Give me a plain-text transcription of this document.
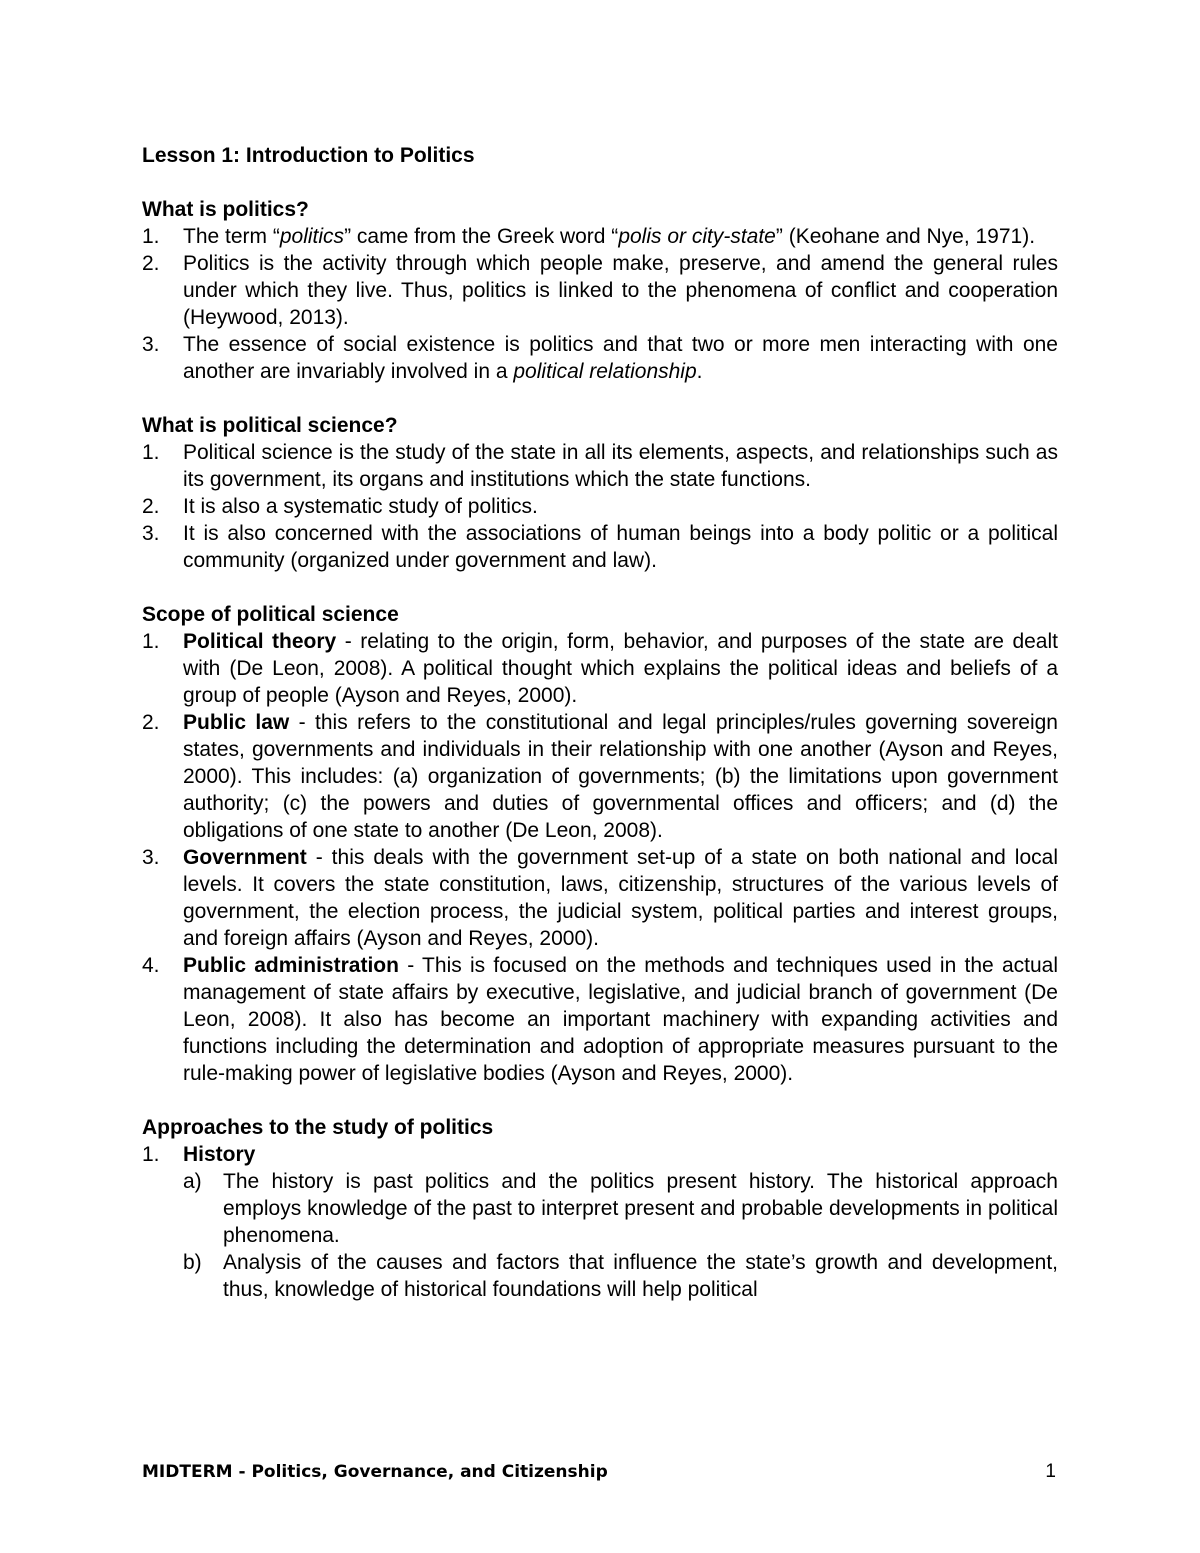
Lesson 1: Introduction to Politics
What is politics?
1.	The term “politics” came from the Greek word “polis or city-state” (Keohane and Nye, 1971).
2.	Politics is the activity through which people make, preserve, and amend the general rules under which they live. Thus, politics is linked to the phenomena of conflict and cooperation (Heywood, 2013).
3.	The essence of social existence is politics and that two or more men interacting with one another are invariably involved in a political relationship.
What is political science?
1.	Political science is the study of the state in all its elements, aspects, and relationships such as its government, its organs and institutions which the state functions.
2.	It is also a systematic study of politics.
3.	It is also concerned with the associations of human beings into a body politic or a political community (organized under government and law).
Scope of political science
1.	Political theory - relating to the origin, form, behavior, and purposes of the state are dealt with (De Leon, 2008). A political thought which explains the political ideas and beliefs of a group of people (Ayson and Reyes, 2000).
2.	Public law - this refers to the constitutional and legal principles/rules governing sovereign states, governments and individuals in their relationship with one another (Ayson and Reyes, 2000). This includes: (a) organization of governments; (b) the limitations upon government authority; (c) the powers and duties of governmental offices and officers; and (d) the obligations of one state to another (De Leon, 2008).
3.	Government - this deals with the government set-up of a state on both national and local levels. It covers the state constitution, laws, citizenship, structures of the various levels of government, the election process, the judicial system, political parties and interest groups, and foreign affairs (Ayson and Reyes, 2000).
4.	Public administration - This is focused on the methods and techniques used in the actual management of state affairs by executive, legislative, and judicial branch of government (De Leon, 2008). It also has become an important machinery with expanding activities and functions including the determination and adoption of appropriate measures pursuant to the rule-making power of legislative bodies (Ayson and Reyes, 2000).
Approaches to the study of politics
1.	History
a)	The history is past politics and the politics present history. The historical approach employs knowledge of the past to interpret present and probable developments in political phenomena.
b)	Analysis of the causes and factors that influence the state’s growth and development, thus, knowledge of historical foundations will help political
MIDTERM - Politics, Governance, and Citizenship	1
